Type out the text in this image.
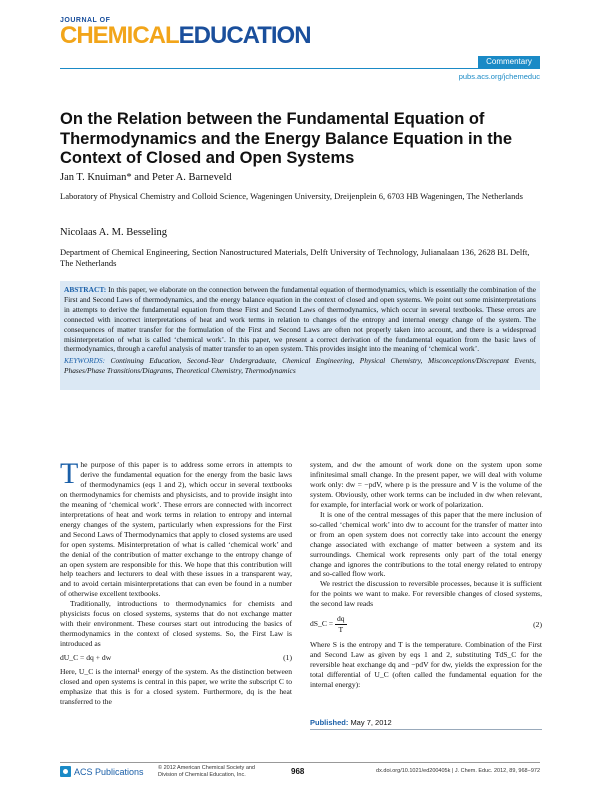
JOURNAL OF
CHEMICALEDUCATION
Commentary
pubs.acs.org/jchemeduc
On the Relation between the Fundamental Equation of Thermodynamics and the Energy Balance Equation in the Context of Closed and Open Systems
Jan T. Knuiman* and Peter A. Barneveld
Laboratory of Physical Chemistry and Colloid Science, Wageningen University, Dreijenplein 6, 6703 HB Wageningen, The Netherlands
Nicolaas A. M. Besseling
Department of Chemical Engineering, Section Nanostructured Materials, Delft University of Technology, Julianalaan 136, 2628 BL Delft, The Netherlands

ABSTRACT: In this paper, we elaborate on the connection between the fundamental equation of thermodynamics, which is essentially the combination of the First and Second Laws of thermodynamics, and the energy balance equation in the context of closed and open systems. We point out some misinterpretations in attempts to derive the fundamental equation from these First and Second Laws of thermodynamics, which occur in several textbooks. These errors are connected with incorrect interpretations of heat and work terms in relation to changes of the entropy and internal energy change of the system. The consequences of matter transfer for the formulation of the First and Second Laws are often not properly taken into account, and there is a widespread misinterpretation of what is called ‘chemical work’. In this paper, we present a correct derivation of the fundamental equation from the basic laws of thermodynamics, through a careful analysis of matter transfer to an open system. This provides insight into the meaning of ‘chemical work’.

KEYWORDS: Continuing Education, Second-Year Undergraduate, Chemical Engineering, Physical Chemistry, Misconceptions/Discrepant Events, Phases/Phase Transitions/Diagrams, Theoretical Chemistry, Thermodynamics

The purpose of this paper is to address some errors in attempts to derive the fundamental equation for the energy from the basic laws of thermodynamics (eqs 1 and 2), which occur in several textbooks on thermodynamics for chemists and physicists, and to provide insight into the meaning of ‘chemical work’. These errors are connected with incorrect interpretations of heat and work terms in relation to entropy and internal energy changes of the system, particularly when expressions for the First and Second Laws of Thermodynamics that apply to closed systems are used for open systems. Misinterpretation of what is called ‘chemical work’ and the denial of the contribution of matter exchange to the entropy change of an open system are responsible for this. We hope that this contribution will help teachers and lecturers to deal with these issues in a transparent way, and to avoid certain misinterpretations that can even be found in a number of otherwise excellent textbooks.

Traditionally, introductions to thermodynamics for chemists and physicists focus on closed systems, systems that do not exchange matter with their environment. These courses start out introducing the basics of thermodynamics in the context of closed systems. So, the First Law is introduced as

dU_C = dq + dw	(1)

Here, U_C is the internal¹ energy of the system. As the distinction between closed and open systems is central in this paper, we write the subscript C to emphasize that this is for a closed system. Furthermore, dq is the heat transferred to the

system, and dw the amount of work done on the system upon some infinitesimal small change. In the present paper, we will deal with volume work only: dw = −pdV, where p is the pressure and V is the volume of the system. Obviously, other work terms can be included in dw when relevant, for example, for interfacial work or work of polarization.

It is one of the central messages of this paper that the mere inclusion of so-called ‘chemical work’ into dw to account for the transfer of matter into or from an open system does not correctly take into account the energy change associated with exchange of matter between a system and its surroundings. Chemical work represents only part of the total energy change and ignores the contributions to the total energy related to entropy and so-called flow work.

We restrict the discussion to reversible processes, because it is sufficient for the points we want to make. For reversible changes of closed systems, the second law reads

dS_C = $\frac{dq}{T}$	(2)

Where S is the entropy and T is the temperature. Combination of the First and Second Law as given by eqs 1 and 2, substituting TdS_C for the reversible heat exchange dq and −pdV for dw, yields the expression for the total differential of U_C (often called the fundamental equation for the internal energy):

Published: May 7, 2012
ACS Publications	© 2012 American Chemical Society and
Division of Chemical Education, Inc.	968	dx.doi.org/10.1021/ed200405k | J. Chem. Educ. 2012, 89, 968−972
